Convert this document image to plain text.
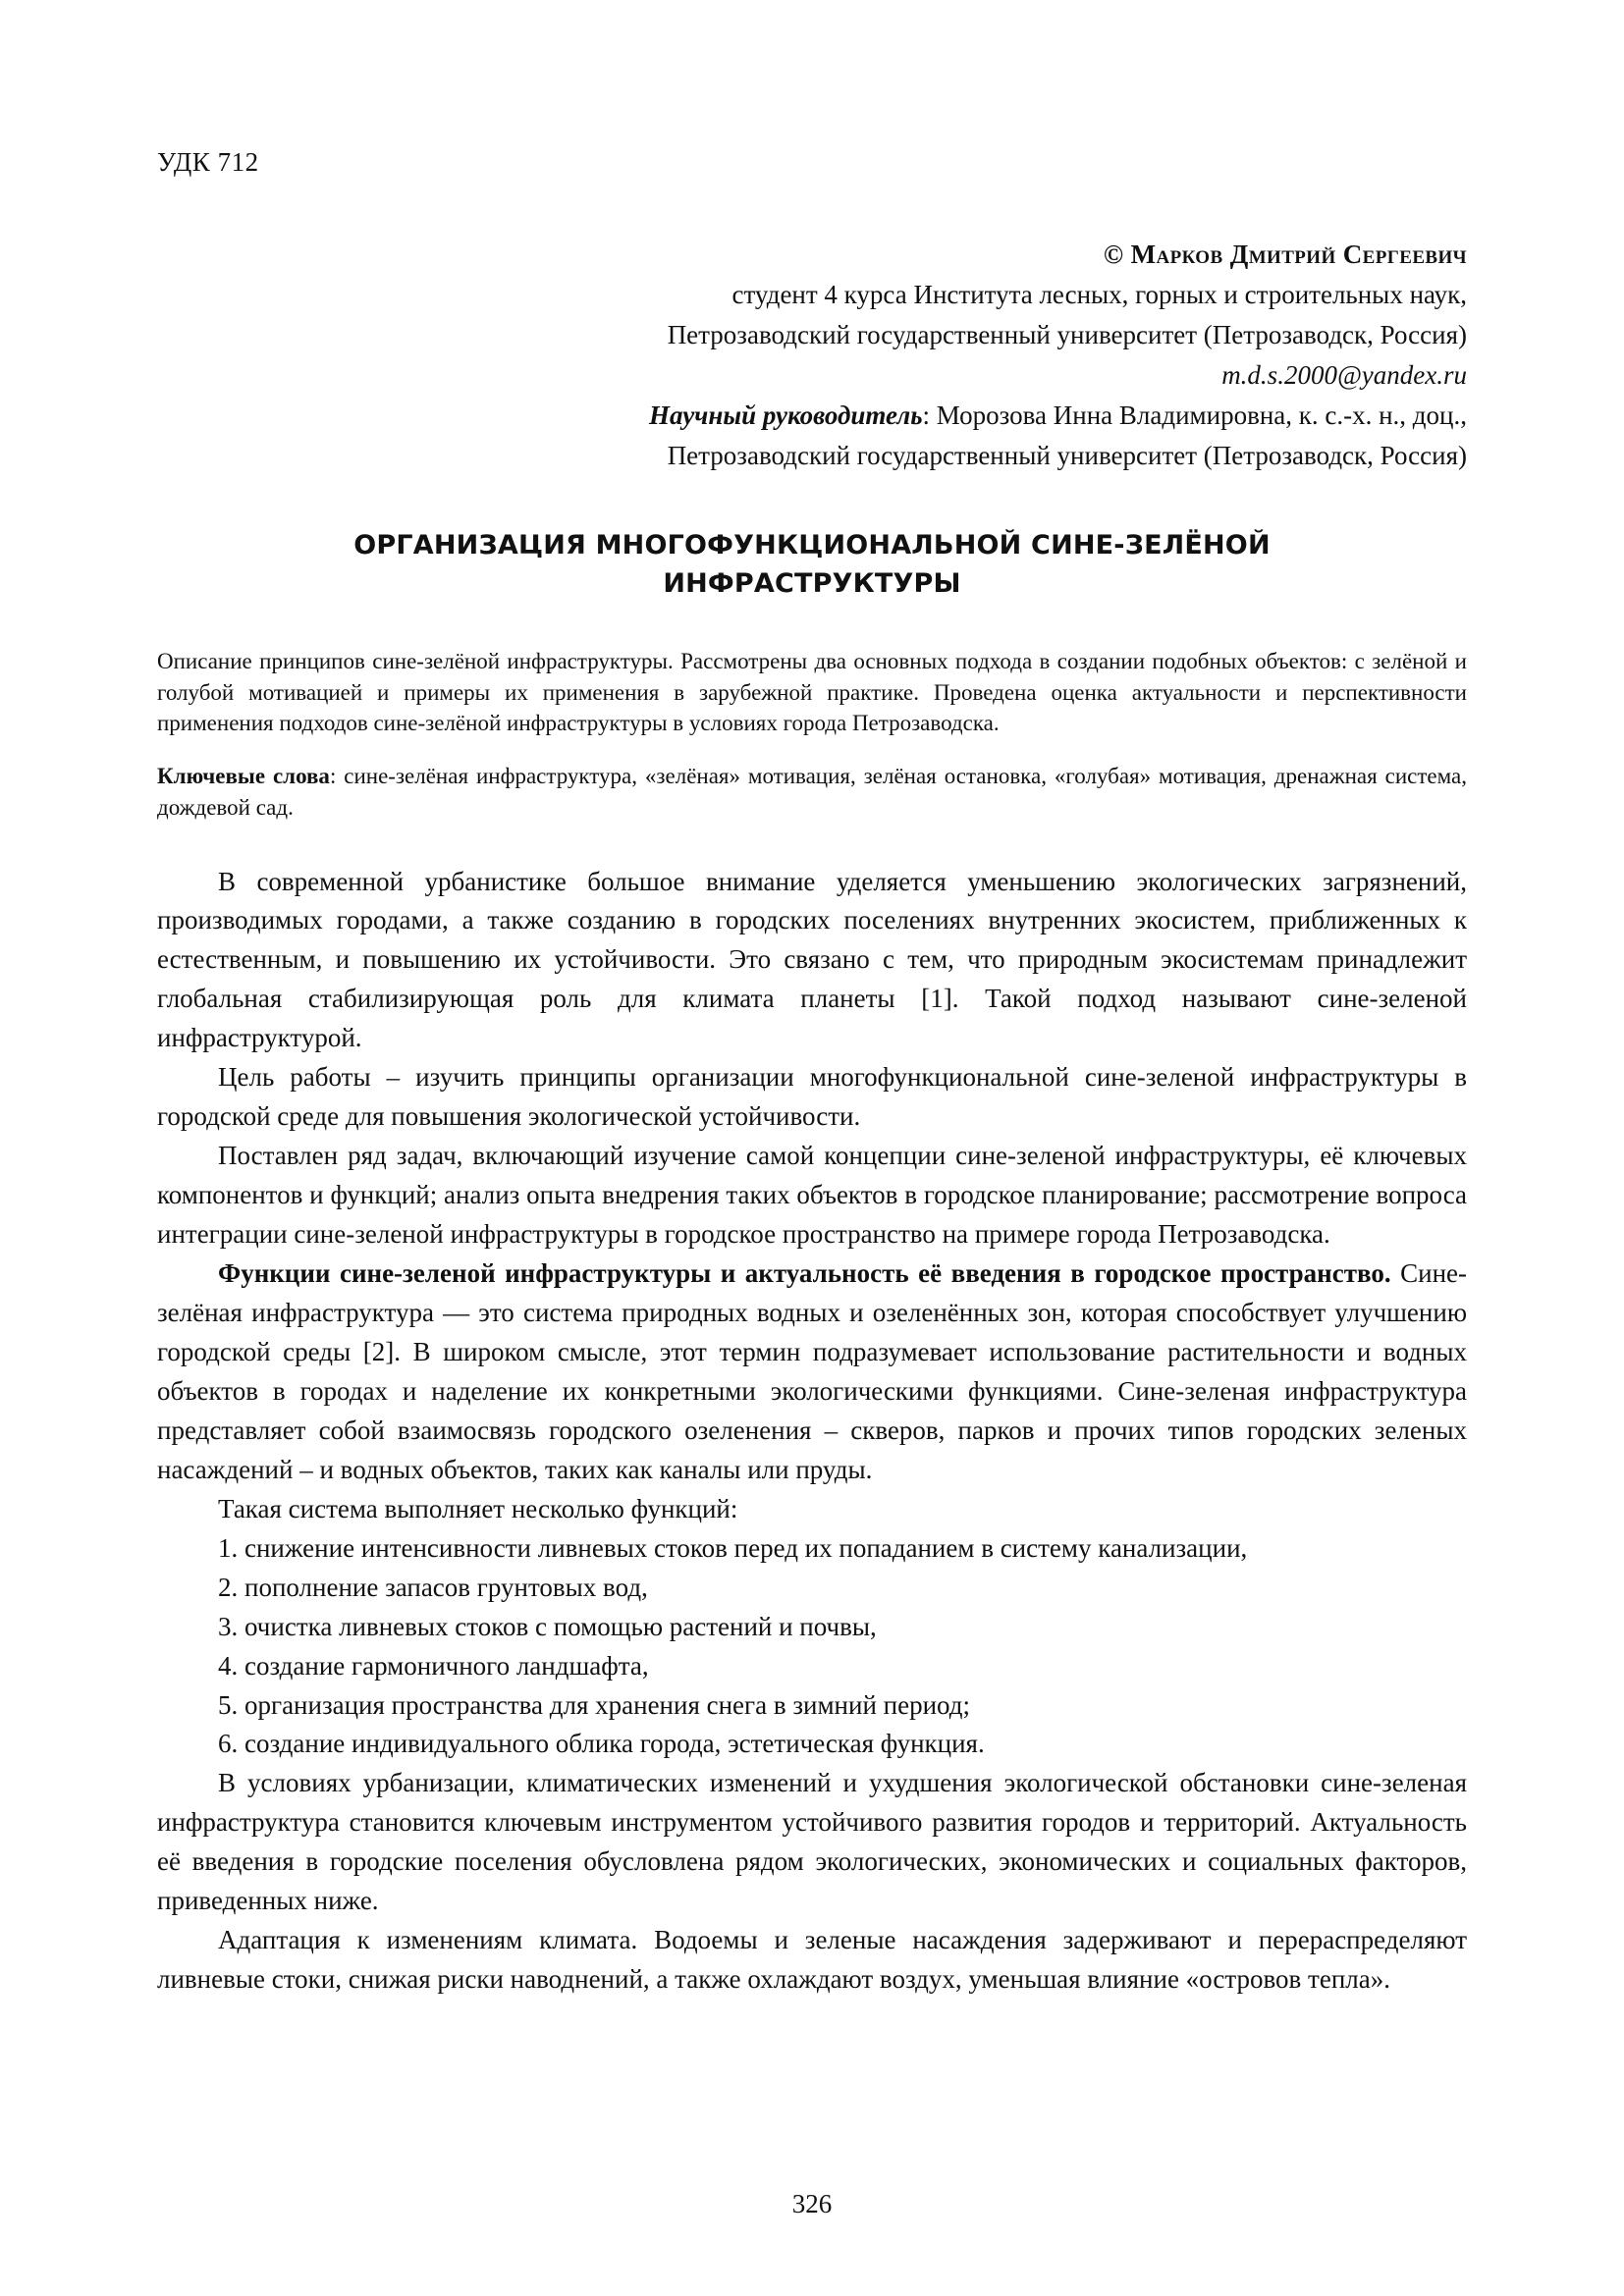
УДК 712
© Марков Дмитрий Сергеевич
студент 4 курса Института лесных, горных и строительных наук,
Петрозаводский государственный университет (Петрозаводск, Россия)
m.d.s.2000@yandex.ru
Научный руководитель: Морозова Инна Владимировна, к. с.-х. н., доц.,
Петрозаводский государственный университет (Петрозаводск, Россия)
ОРГАНИЗАЦИЯ МНОГОФУНКЦИОНАЛЬНОЙ СИНЕ-ЗЕЛЁНОЙ
ИНФРАСТРУКТУРЫ
Описание принципов сине-зелёной инфраструктуры. Рассмотрены два основных подхода в создании подобных объектов: с зелёной и голубой мотивацией и примеры их применения в зарубежной практике. Проведена оценка актуальности и перспективности применения подходов сине-зелёной инфраструктуры в условиях города Петрозаводска.
Ключевые слова: сине-зелёная инфраструктура, «зелёная» мотивация, зелёная остановка, «голубая» мотивация, дренажная система, дождевой сад.

В современной урбанистике большое внимание уделяется уменьшению экологических загрязнений, производимых городами, а также созданию в городских поселениях внутренних экосистем, приближенных к естественным, и повышению их устойчивости. Это связано с тем, что природным экосистемам принадлежит глобальная стабилизирующая роль для климата планеты [1]. Такой подход называют сине-зеленой инфраструктурой.

Цель работы – изучить принципы организации многофункциональной сине-зеленой инфраструктуры в городской среде для повышения экологической устойчивости.

Поставлен ряд задач, включающий изучение самой концепции сине-зеленой инфраструктуры, её ключевых компонентов и функций; анализ опыта внедрения таких объектов в городское планирование; рассмотрение вопроса интеграции сине-зеленой инфраструктуры в городское пространство на примере города Петрозаводска.

Функции сине-зеленой инфраструктуры и актуальность её введения в городское пространство. Сине-зелёная инфраструктура — это система природных водных и озеленённых зон, которая способствует улучшению городской среды [2]. В широком смысле, этот термин подразумевает использование растительности и водных объектов в городах и наделение их конкретными экологическими функциями. Сине-зеленая инфраструктура представляет собой взаимосвязь городского озеленения – скверов, парков и прочих типов городских зеленых насаждений – и водных объектов, таких как каналы или пруды.

Такая система выполняет несколько функций:

1. снижение интенсивности ливневых стоков перед их попаданием в систему канализации,

2. пополнение запасов грунтовых вод,

3. очистка ливневых стоков с помощью растений и почвы,

4. создание гармоничного ландшафта,

5. организация пространства для хранения снега в зимний период;

6. создание индивидуального облика города, эстетическая функция.

В условиях урбанизации, климатических изменений и ухудшения экологической обстановки сине-зеленая инфраструктура становится ключевым инструментом устойчивого развития городов и территорий. Актуальность её введения в городские поселения обусловлена рядом экологических, экономических и социальных факторов, приведенных ниже.

Адаптация к изменениям климата. Водоемы и зеленые насаждения задерживают и перераспределяют ливневые стоки, снижая риски наводнений, а также охлаждают воздух, уменьшая влияние «островов тепла».

326
